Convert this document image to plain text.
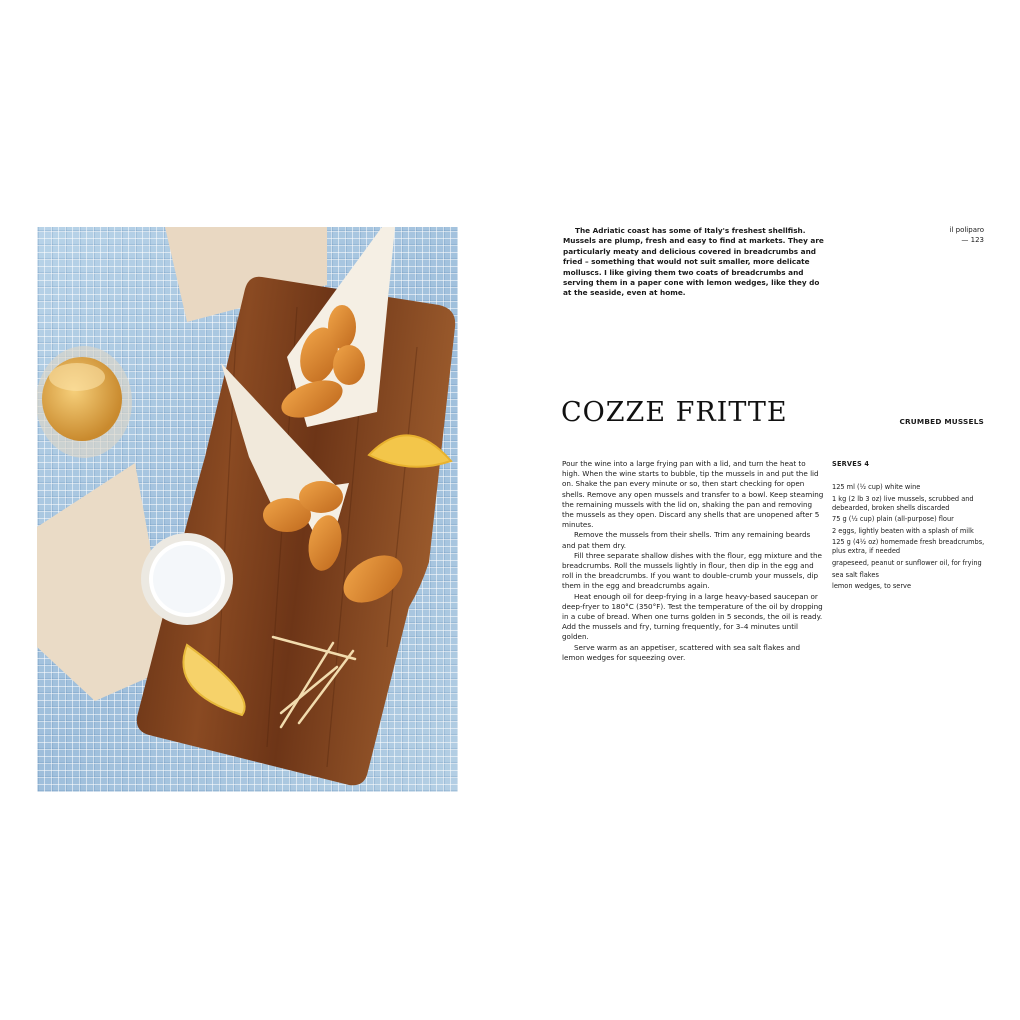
The Adriatic coast has some of Italy's freshest shellfish. Mussels are plump, fresh and easy to find at markets. They are particularly meaty and delicious covered in breadcrumbs and fried – something that would not suit smaller, more delicate molluscs. I like giving them two coats of breadcrumbs and serving them in a paper cone with lemon wedges, like they do at the seaside, even at home.

il poliparo
— 123
COZZE FRITTE	CRUMBED MUSSELS

Pour the wine into a large frying pan with a lid, and turn the heat to high. When the wine starts to bubble, tip the mussels in and put the lid on. Shake the pan every minute or so, then start checking for open shells. Remove any open mussels and transfer to a bowl. Keep steaming the remaining mussels with the lid on, shaking the pan and removing the mussels as they open. Discard any shells that are unopened after 5 minutes.

Remove the mussels from their shells. Trim any remaining beards and pat them dry.

Fill three separate shallow dishes with the flour, egg mixture and the breadcrumbs. Roll the mussels lightly in flour, then dip in the egg and roll in the breadcrumbs. If you want to double-crumb your mussels, dip them in the egg and breadcrumbs again.

Heat enough oil for deep-frying in a large heavy-based saucepan or deep-fryer to 180°C (350°F). Test the temperature of the oil by dropping in a cube of bread. When one turns golden in 5 seconds, the oil is ready. Add the mussels and fry, turning frequently, for 3–4 minutes until golden.

Serve warm as an appetiser, scattered with sea salt flakes and lemon wedges for squeezing over.

SERVES 4
125 ml (½ cup) white wine
1 kg (2 lb 3 oz) live mussels, scrubbed and debearded, broken shells discarded
75 g (½ cup) plain (all-purpose) flour
2 eggs, lightly beaten with a splash of milk
125 g (4½ oz) homemade fresh breadcrumbs, plus extra, if needed
grapeseed, peanut or sunflower oil, for frying
sea salt flakes
lemon wedges, to serve
